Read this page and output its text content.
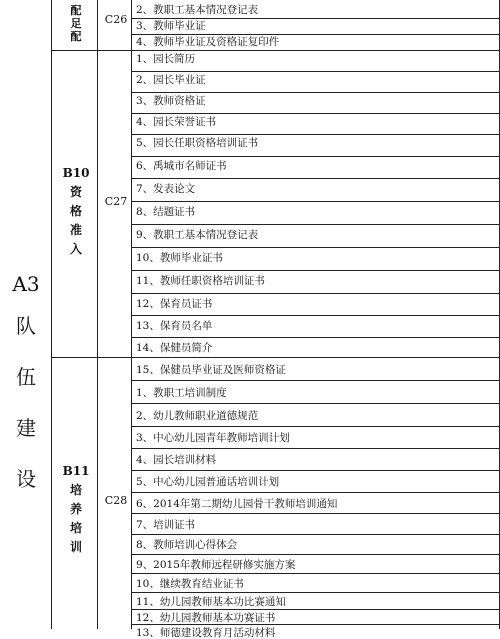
A3
队
伍
建
设
配
足
配
B10
资
格
准
入
B11
培
养
培
训
C26
C27
C28
2、教职工基本情况登记表
3、教师毕业证
4、教师毕业证及资格证复印件
1、园长简历
2、园长毕业证
3、教师资格证
4、园长荣誉证书
5、园长任职资格培训证书
6、禹城市名师证书
7、发表论文
8、结题证书
9、教职工基本情况登记表
10、教师毕业证书
11、教师任职资格培训证书
12、保育员证书
13、保育员名单
14、保健员简介
15、保健员毕业证及医师资格证
1、教职工培训制度
2、幼儿教师职业道德规范
3、中心幼儿园青年教师培训计划
4、园长培训材料
5、中心幼儿园普通话培训计划
6、2014年第二期幼儿园骨干教师培训通知
7、培训证书
8、教师培训心得体会
9、2015年教师远程研修实施方案
10、继续教育结业证书
11、幼儿园教师基本功比赛通知
12、幼儿园教师基本功赛证书
13、师德建设教育月活动材料
